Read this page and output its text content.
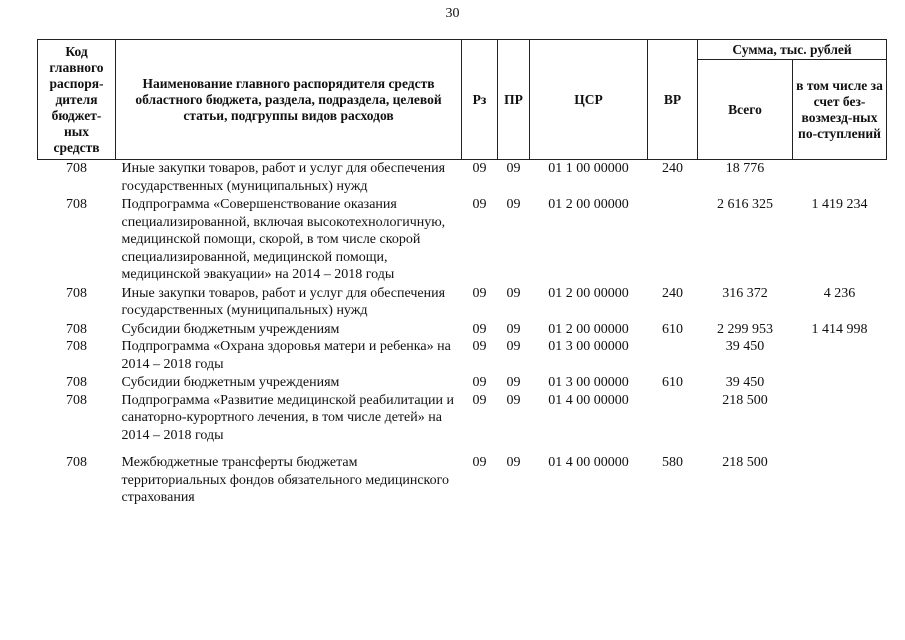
30
Код главного распоря-дителя бюджет-ных средств	Наименование главного распорядителя средств областного бюджета, раздела, подраздела, целевой статьи, подгруппы видов расходов	Рз	ПР	ЦСР	ВР	Сумма, тыс. рублей	
						Всего	в том числе за счет без-возмезд-ных по-ступлений
708	Иные закупки товаров, работ и услуг для обеспечения государственных (муниципальных) нужд	09	09	01 1 00 00000	240	18 776	
708	Подпрограмма «Совершенствование оказания специализированной, включая высокотехнологичную, медицинской помощи, скорой, в том числе скорой специализированной, медицинской помощи, медицинской эвакуации» на 2014 – 2018 годы	09	09	01 2 00 00000		2 616 325	1 419 234
708	Иные закупки товаров, работ и услуг для обеспечения государственных (муниципальных) нужд	09	09	01 2 00 00000	240	316 372	4 236
708	Субсидии бюджетным учреждениям	09	09	01 2 00 00000	610	2 299 953	1 414 998
708	Подпрограмма «Охрана здоровья матери и ребенка» на 2014 – 2018 годы	09	09	01 3 00 00000		39 450	
708	Субсидии бюджетным учреждениям	09	09	01 3 00 00000	610	39 450	
708	Подпрограмма «Развитие медицинской реабилитации и санаторно-курортного лечения, в том числе детей» на 2014 – 2018 годы	09	09	01 4 00 00000		218 500	
708	Межбюджетные трансферты бюджетам территориальных фондов обязательного медицинского страхования	09	09	01 4 00 00000	580	218 500	
